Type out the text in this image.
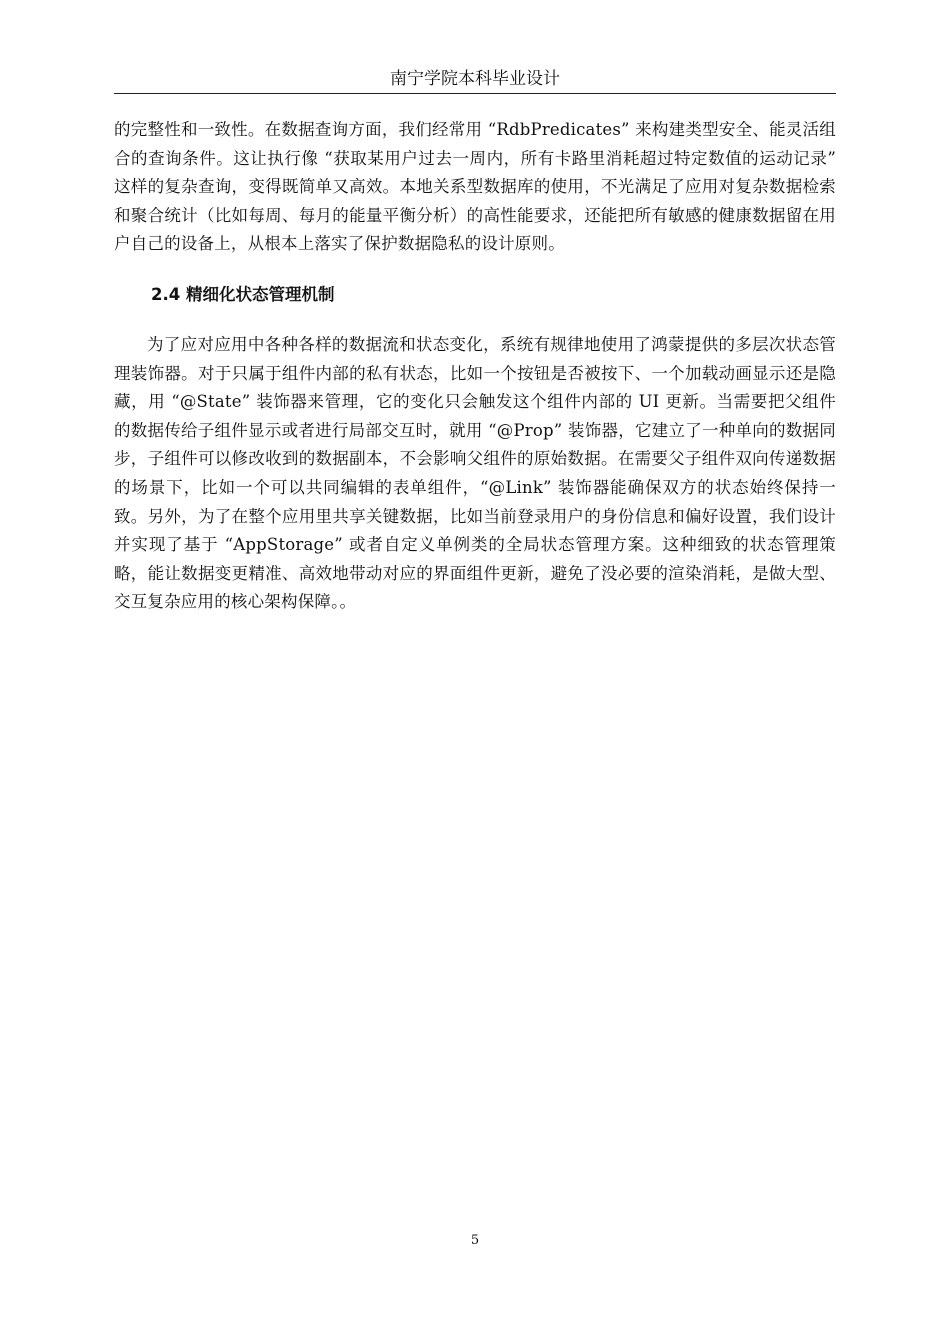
南宁学院本科毕业设计

的完整性和一致性。在数据查询方面，我们经常用 “RdbPredicates” 来构建类型安全、能灵活组合的查询条件。这让执行像 “获取某用户过去一周内，所有卡路里消耗超过特定数值的运动记录” 这样的复杂查询，变得既简单又高效。本地关系型数据库的使用，不光满足了应用对复杂数据检索和聚合统计（比如每周、每月的能量平衡分析）的高性能要求，还能把所有敏感的健康数据留在用户自己的设备上，从根本上落实了保护数据隐私的设计原则。

2.4 精细化状态管理机制

为了应对应用中各种各样的数据流和状态变化，系统有规律地使用了鸿蒙提供的多层次状态管理装饰器。对于只属于组件内部的私有状态，比如一个按钮是否被按下、一个加载动画显示还是隐藏，用 “@State” 装饰器来管理，它的变化只会触发这个组件内部的 UI 更新。当需要把父组件的数据传给子组件显示或者进行局部交互时，就用 “@Prop” 装饰器，它建立了一种单向的数据同步，子组件可以修改收到的数据副本，不会影响父组件的原始数据。在需要父子组件双向传递数据的场景下，比如一个可以共同编辑的表单组件，“@Link” 装饰器能确保双方的状态始终保持一致。另外，为了在整个应用里共享关键数据，比如当前登录用户的身份信息和偏好设置，我们设计并实现了基于 “AppStorage” 或者自定义单例类的全局状态管理方案。这种细致的状态管理策略，能让数据变更精准、高效地带动对应的界面组件更新，避免了没必要的渲染消耗，是做大型、交互复杂应用的核心架构保障。。

5
